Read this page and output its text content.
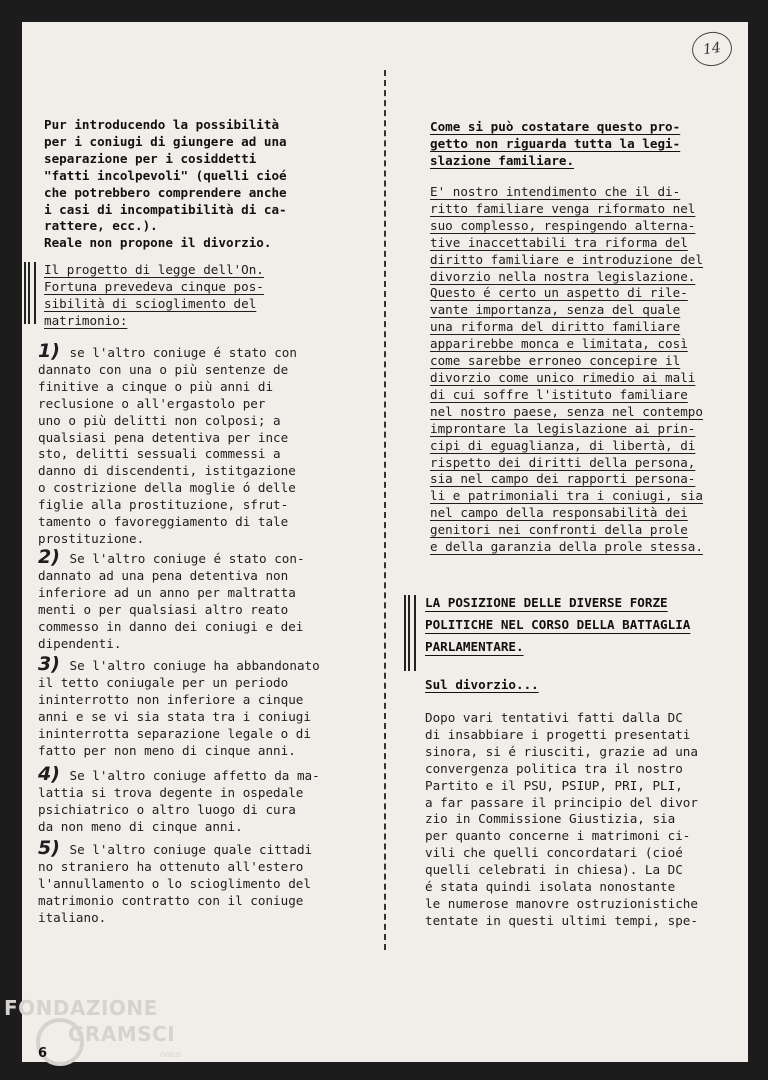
14

Pur introducendo la possibilità

per i coniugi di giungere ad una

separazione per i cosiddetti

"fatti incolpevoli" (quelli cioé

che potrebbero comprendere anche

i casi di incompatibilità di ca-

rattere, ecc.).

Reale non propone il divorzio.

Il progetto di legge dell'On.

Fortuna prevedeva cinque pos-

sibilità di scioglimento del

matrimonio:

1) se l'altro coniuge é stato con

dannato con una o più sentenze de

finitive a cinque o più anni di

reclusione o all'ergastolo per

uno o più delitti non colposi; a

qualsiasi pena detentiva per ince

sto, delitti sessuali commessi a

danno di discendenti, istitgazione

o costrizione della moglie ó delle

figlie alla prostituzione, sfrut-

tamento o favoreggiamento di tale

prostituzione.

2) Se l'altro coniuge é stato con-

dannato ad una pena detentiva non

inferiore ad un anno per maltratta

menti o per qualsiasi altro reato

commesso in danno dei coniugi e dei

dipendenti.

3) Se l'altro coniuge ha abbandonato

il tetto coniugale per un periodo

ininterrotto non inferiore a cinque

anni e se vi sia stata tra i coniugi

ininterrotta separazione legale o di

fatto per non meno di cinque anni.

4) Se l'altro coniuge affetto da ma-

lattia si trova degente in ospedale

psichiatrico o altro luogo di cura

da non meno di cinque anni.

5) Se l'altro coniuge quale cittadi

no straniero ha ottenuto all'estero

l'annullamento o lo scioglimento del

matrimonio contratto con il coniuge

italiano.

Come si può costatare questo pro-

getto non riguarda tutta la legi-

slazione familiare.

E' nostro intendimento che il di-

ritto familiare venga riformato nel

suo complesso, respingendo alterna-

tive inaccettabili tra riforma del

diritto familiare e introduzione del

divorzio nella nostra legislazione.

Questo é certo un aspetto di rile-

vante importanza, senza del quale

una riforma del diritto familiare

apparirebbe monca e limitata, così

come sarebbe erroneo concepire il

divorzio come unico rimedio ai mali

di cui soffre l'istituto familiare

nel nostro paese, senza nel contempo

improntare la legislazione ai prin-

cipi di eguaglianza, di libertà, di

rispetto dei diritti della persona,

sia nel campo dei rapporti persona-

li e patrimoniali tra i coniugi, sia

nel campo della responsabilità dei

genitori nei confronti della prole

e della garanzia della prole stessa.

LA POSIZIONE DELLE DIVERSE FORZE

POLITICHE NEL CORSO DELLA BATTAGLIA

PARLAMENTARE.

Sul divorzio...

Dopo vari tentativi fatti dalla DC

di insabbiare i progetti presentati

sinora, si é riusciti, grazie ad una

convergenza politica tra il nostro

Partito e il PSU, PSIUP, PRI, PLI,

a far passare il principio del divor

zio in Commissione Giustizia, sia

per quanto concerne i matrimoni ci-

vili che quelli concordatari (cioé

quelli celebrati in chiesa). La DC

é stata quindi isolata nonostante

le numerose manovre ostruzionistiche

tentate in questi ultimi tempi, spe-

FONDAZIONE
GRAMSCI
onlus
6
